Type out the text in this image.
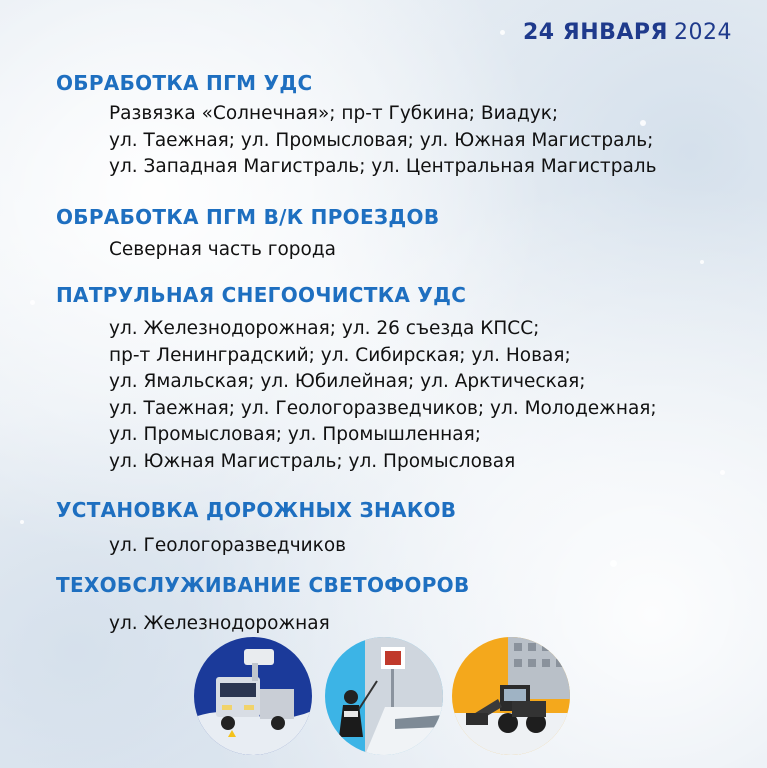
24 ЯНВАРЯ 2024
ОБРАБОТКА ПГМ УДС
Развязка «Солнечная»; пр-т Губкина; Виадук;
ул. Таежная; ул. Промысловая; ул. Южная Магистраль;
ул. Западная Магистраль; ул. Центральная Магистраль
ОБРАБОТКА ПГМ В/К ПРОЕЗДОВ
Северная часть города
ПАТРУЛЬНАЯ СНЕГООЧИСТКА УДС
ул. Железнодорожная; ул. 26 съезда КПСС;
пр-т Ленинградский; ул. Сибирская; ул. Новая;
ул. Ямальская; ул. Юбилейная; ул. Арктическая;
ул. Таежная; ул. Геологоразведчиков; ул. Молодежная;
ул. Промысловая; ул. Промышленная;
ул. Южная Магистраль; ул. Промысловая
УСТАНОВКА ДОРОЖНЫХ ЗНАКОВ
ул. Геологоразведчиков
ТЕХОБСЛУЖИВАНИЕ СВЕТОФОРОВ
ул. Железнодорожная
